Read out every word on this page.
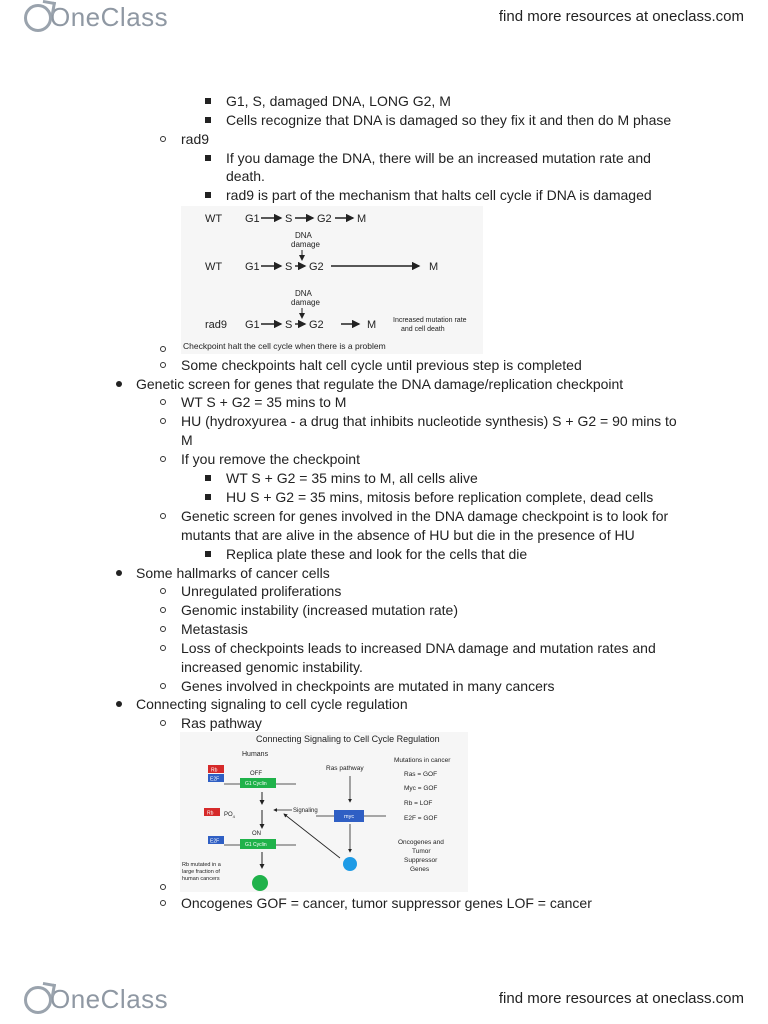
OneClass	find more resources at oneclass.com
G1, S, damaged DNA, LONG G2, M
Cells recognize that DNA is damaged so they fix it and then do M phase
rad9
If you damage the DNA, there will be an increased mutation rate and
death.
rad9 is part of the mechanism that halts cell cycle if DNA is damaged
WT G1 S G2 M
DNA
damage
WT G1 S G2	M
DNA
damage
rad9 G1 S G2	M Increased mutation rate
and cell death
Checkpoint halt the cell cycle when there is a problem
Some checkpoints halt cell cycle until previous step is completed
Genetic screen for genes that regulate the DNA damage/replication checkpoint
WT S + G2 = 35 mins to M
HU (hydroxyurea - a drug that inhibits nucleotide synthesis) S + G2 = 90 mins to
M
If you remove the checkpoint
WT S + G2 = 35 mins to M, all cells alive
HU S + G2 = 35 mins, mitosis before replication complete, dead cells
Genetic screen for genes involved in the DNA damage checkpoint is to look for
mutants that are alive in the absence of HU but die in the presence of HU
Replica plate these and look for the cells that die
Some hallmarks of cancer cells
Unregulated proliferations
Genomic instability (increased mutation rate)
Metastasis
Loss of checkpoints leads to increased DNA damage and mutation rates and
increased genomic instability.
Genes involved in checkpoints are mutated in many cancers
Connecting signaling to cell cycle regulation
Ras pathway
Connecting Signaling to Cell Cycle Regulation
Humans
Rb
E2F
OFF
G1 Cyclin
Rb $PO_4$
Signaling
E2F
ON
G1 Cyclin
Rb mutated in a
large fraction of
human cancers
Ras pathway
myc
Mutations in cancer
Ras = GOF
Myc = GOF
Rb = LOF
E2F = GOF
Oncogenes and
Tumor
Suppressor
Genes
Oncogenes GOF = cancer, tumor suppressor genes LOF = cancer
OneClass	find more resources at oneclass.com
